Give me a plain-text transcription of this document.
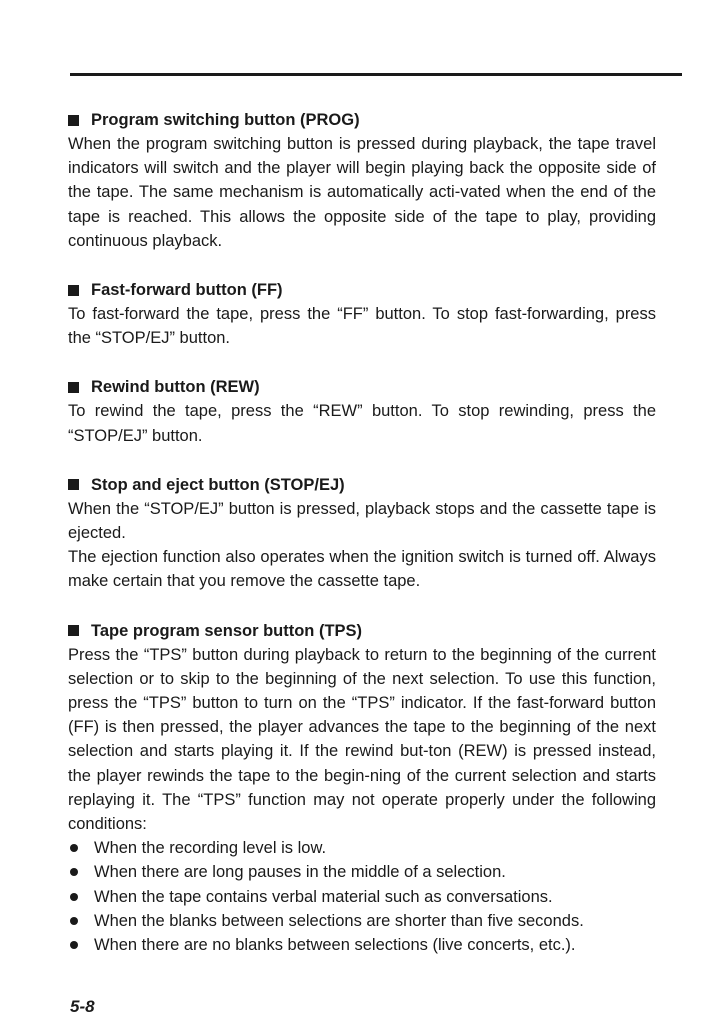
Program switching button (PROG)

When the program switching button is pressed during playback, the tape travel indicators will switch and the player will begin playing back the opposite side of the tape. The same mechanism is automatically acti-vated when the end of the tape is reached. This allows the opposite side of the tape to play, providing continuous playback.

Fast-forward button (FF)

To fast-forward the tape, press the “FF” button. To stop fast-forwarding, press the “STOP/EJ” button.

Rewind button (REW)

To rewind the tape, press the “REW” button. To stop rewinding, press the “STOP/EJ” button.

Stop and eject button (STOP/EJ)

When the “STOP/EJ” button is pressed, playback stops and the cassette tape is ejected.

The ejection function also operates when the ignition switch is turned off. Always make certain that you remove the cassette tape.

Tape program sensor button (TPS)

Press the “TPS” button during playback to return to the beginning of the current selection or to skip to the beginning of the next selection. To use this function, press the “TPS” button to turn on the “TPS” indicator. If the fast-forward button (FF) is then pressed, the player advances the tape to the beginning of the next selection and starts playing it. If the rewind but-ton (REW) is pressed instead, the player rewinds the tape to the begin-ning of the current selection and starts replaying it. The “TPS” function may not operate properly under the following conditions:

When the recording level is low.
When there are long pauses in the middle of a selection.
When the tape contains verbal material such as conversations.
When the blanks between selections are shorter than five seconds.
When there are no blanks between selections (live concerts, etc.).
5-8
